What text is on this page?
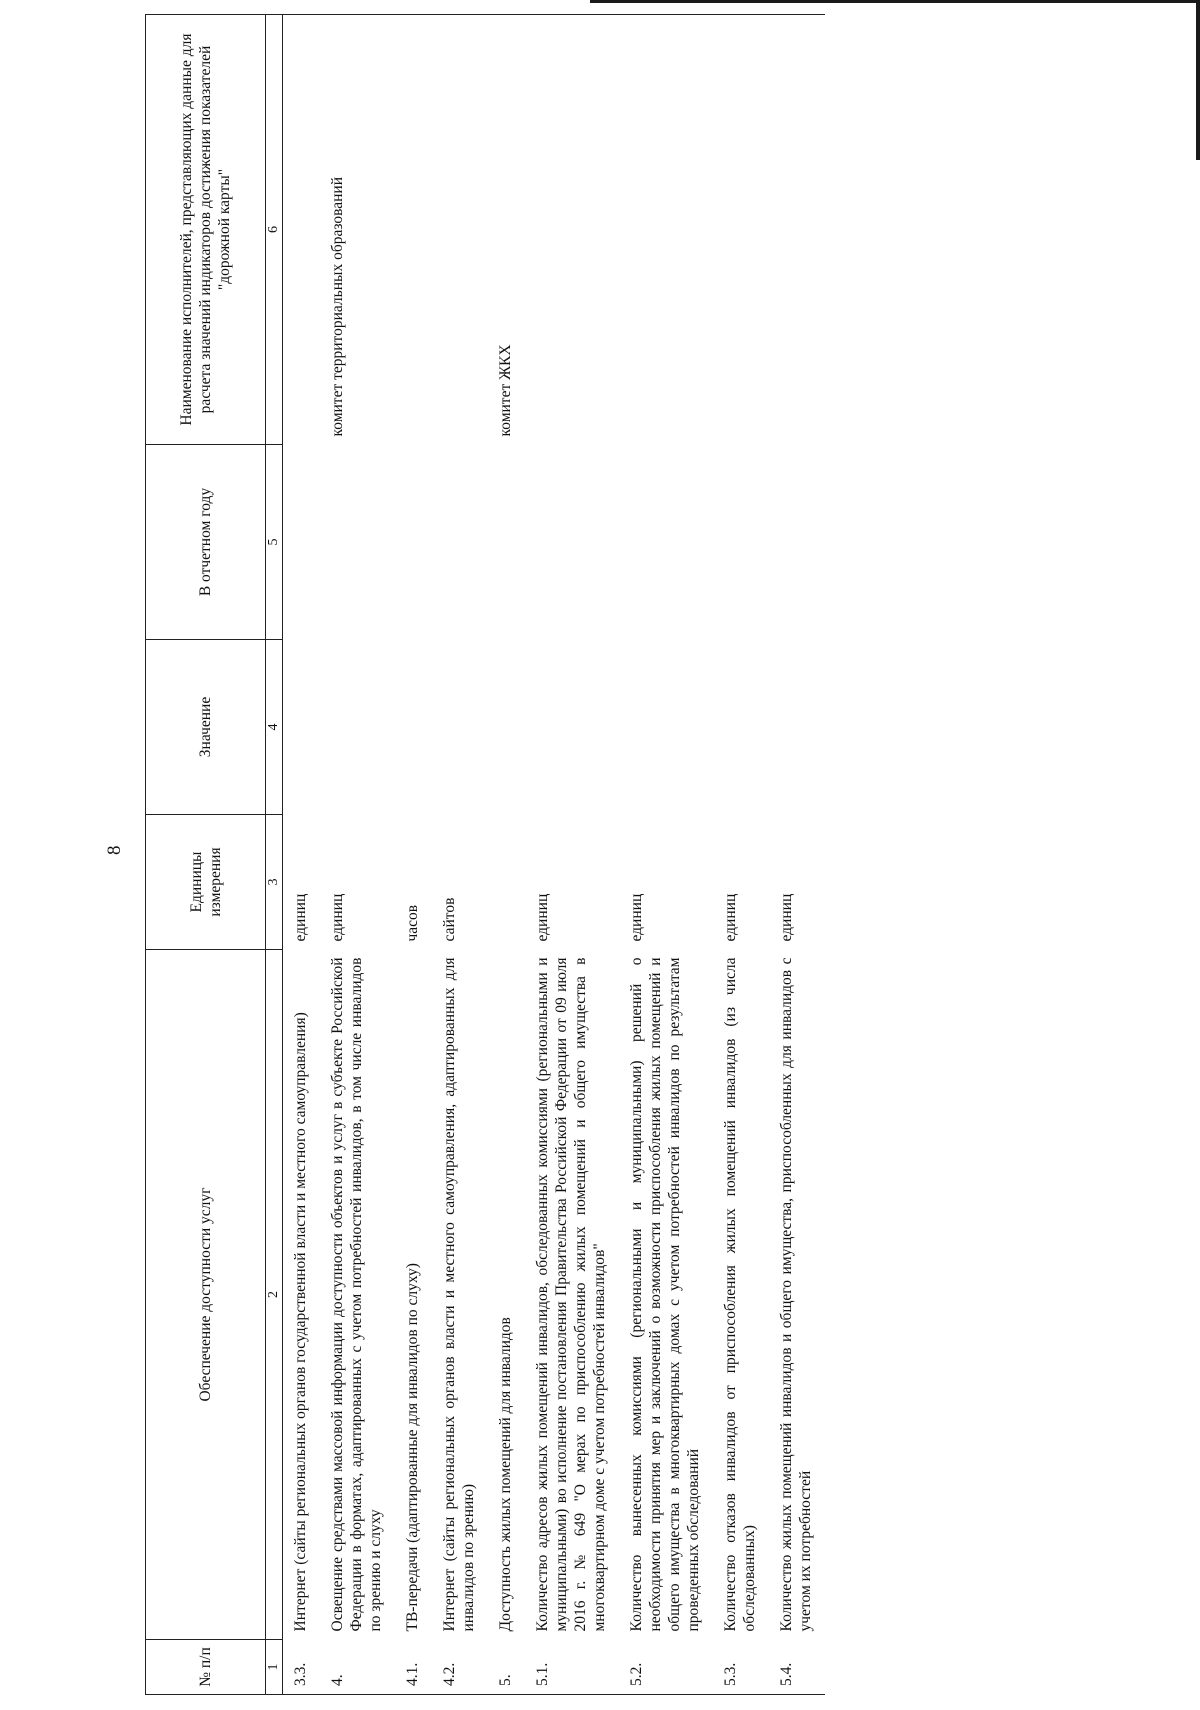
8
№ п/п	Обеспечение доступности услуг	Единицы измерения	Значение	В отчетном году	Наименование исполнителей, представляющих данные для расчета значений индикаторов достижения показателей "дорожной карты"
1	2	3	4	5	6
3.3.	Интернет (сайты региональных органов государственной власти и местного самоуправления)	единиц			
4.	Освещение средствами массовой информации доступности объектов и услуг в субъекте Российской Федерации в форматах, адаптированных с учетом потребностей инвалидов, в том числе инвалидов по зрению и слуху	единиц			комитет территориальных образований
4.1.	ТВ-передачи (адаптированные для инвалидов по слуху)	часов			
4.2.	Интернет (сайты региональных органов власти и местного самоуправления, адаптированных для инвалидов по зрению)	сайтов			
5.	Доступность жилых помещений для инвалидов				комитет ЖКХ
5.1.	Количество адресов жилых помещений инвалидов, обследованных комиссиями (региональными и муниципальными) во исполнение постановления Правительства Российской Федерации от 09 июля 2016 г. № 649 "О мерах по приспособлению жилых помещений и общего имущества в многоквартирном доме с учетом потребностей инвалидов"	единиц			
5.2.	Количество вынесенных комиссиями (региональными и муниципальными) решений о необходимости принятия мер и заключений о возможности приспособления жилых помещений и общего имущества в многоквартирных домах с учетом потребностей инвалидов по результатам проведенных обследований	единиц			
5.3.	Количество отказов инвалидов от приспособления жилых помещений инвалидов (из числа обследованных)	единиц			
5.4.	Количество жилых помещений инвалидов и общего имущества, приспособленных для инвалидов с учетом их потребностей	единиц			
